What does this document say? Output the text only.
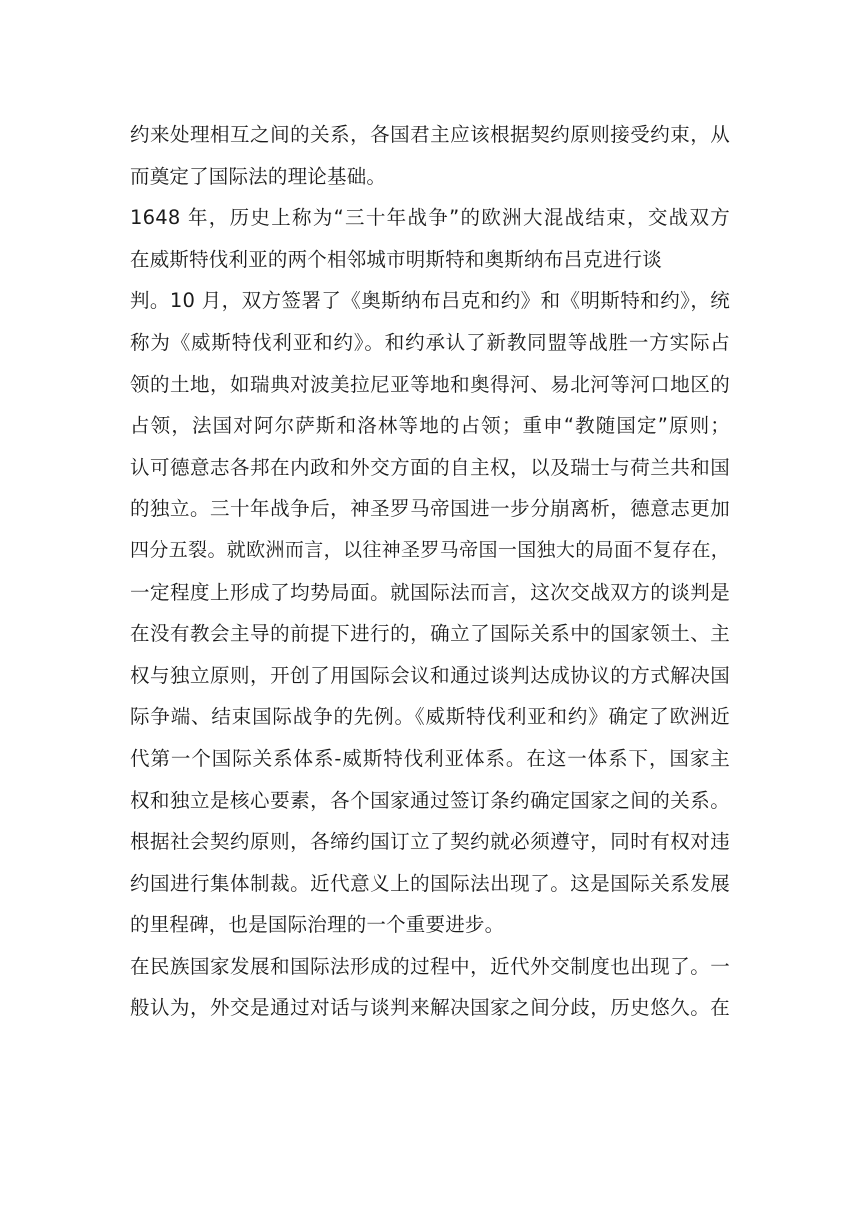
约来处理相互之间的关系，各国君主应该根据契约原则接受约束，从
而奠定了国际法的理论基础。
1648 年，历史上称为“三十年战争”的欧洲大混战结束，交战双方
在威斯特伐利亚的两个相邻城市明斯特和奥斯纳布吕克进行谈
判。10 月，双方签署了《奥斯纳布吕克和约》和《明斯特和约》，统
称为《威斯特伐利亚和约》。和约承认了新教同盟等战胜一方实际占
领的土地，如瑞典对波美拉尼亚等地和奥得河、易北河等河口地区的
占领，法国对阿尔萨斯和洛林等地的占领；重申“教随国定”原则；
认可德意志各邦在内政和外交方面的自主权，以及瑞士与荷兰共和国
的独立。三十年战争后，神圣罗马帝国进一步分崩离析，德意志更加
四分五裂。就欧洲而言，以往神圣罗马帝国一国独大的局面不复存在，
一定程度上形成了均势局面。就国际法而言，这次交战双方的谈判是
在没有教会主导的前提下进行的，确立了国际关系中的国家领土、主
权与独立原则，开创了用国际会议和通过谈判达成协议的方式解决国
际争端、结束国际战争的先例。《威斯特伐利亚和约》确定了欧洲近
代第一个国际关系体系-威斯特伐利亚体系。在这一体系下，国家主
权和独立是核心要素，各个国家通过签订条约确定国家之间的关系。
根据社会契约原则，各缔约国订立了契约就必须遵守，同时有权对违
约国进行集体制裁。近代意义上的国际法出现了。这是国际关系发展
的里程碑，也是国际治理的一个重要进步。
在民族国家发展和国际法形成的过程中，近代外交制度也出现了。一
般认为，外交是通过对话与谈判来解决国家之间分歧，历史悠久。在
